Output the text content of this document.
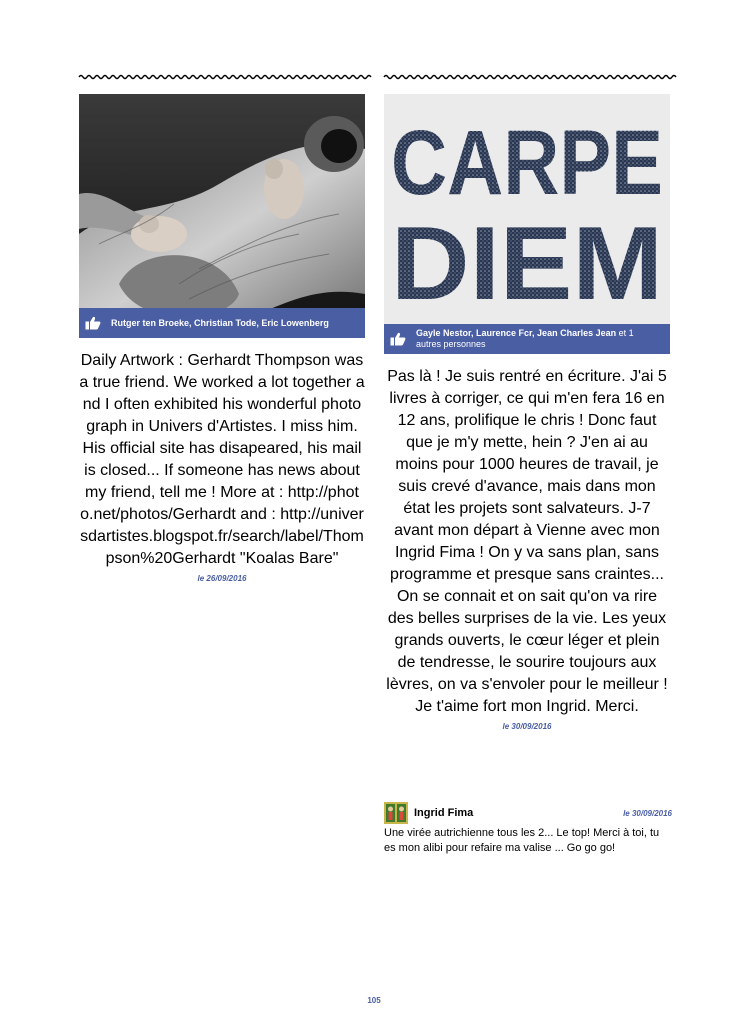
Rutger ten Broeke, Christian Tode, Eric Lowenberg
Daily Artwork : Gerhardt Thompson was a true friend. We worked a lot together and I often exhibited his wonderful photograph in Univers d'Artistes. I miss him. His official site has disapeared, his mail is closed... If someone has news about my friend, tell me ! More at : http://photo.net/photos/Gerhardt and : http://universdartistes.blogspot.fr/search/label/Thompson%20Gerhardt "Koalas Bare"
le 26/09/2016
CARPE
DIEM
Gayle Nestor, Laurence Fcr, Jean Charles Jean et 1
autres personnes
Pas là ! Je suis rentré en écriture. J'ai 5 livres à corriger, ce qui m'en fera 16 en 12 ans, prolifique le chris ! Donc faut que je m'y mette, hein ? J'en ai au moins pour 1000 heures de travail, je suis crevé d'avance, mais dans mon état les projets sont salvateurs. J-7 avant mon départ à Vienne avec mon Ingrid Fima ! On y va sans plan, sans programme et presque sans craintes... On se connait et on sait qu'on va rire des belles surprises de la vie. Les yeux grands ouverts, le cœur léger et plein de tendresse, le sourire toujours aux lèvres, on va s'envoler pour le meilleur ! Je t'aime fort mon Ingrid. Merci.
le 30/09/2016
Ingrid Fima	le 30/09/2016
Une virée autrichienne tous les 2... Le top! Merci à toi, tu es mon alibi pour refaire ma valise ... Go go go!
105
